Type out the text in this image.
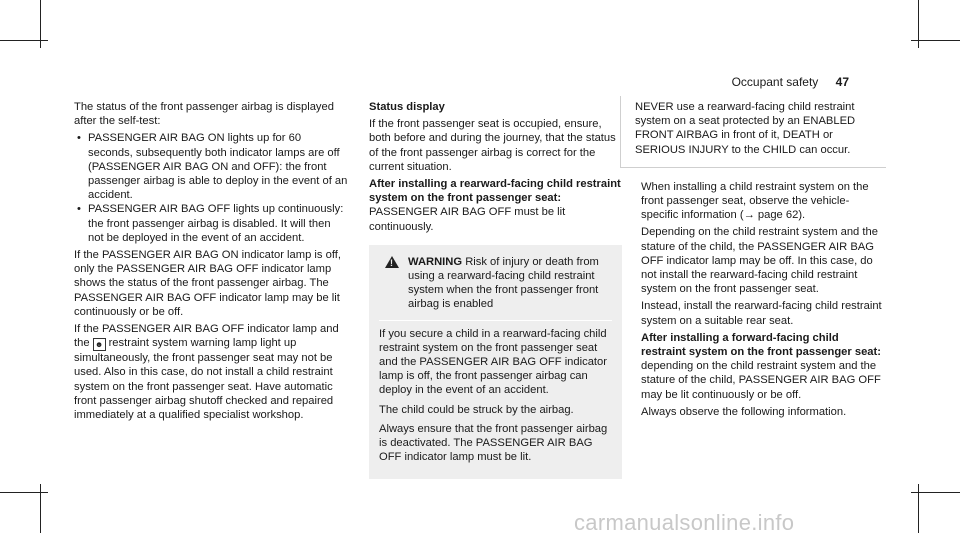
Occupant safety 47

The status of the front passenger airbag is displayed after the self-test:

• PASSENGER AIR BAG ON lights up for 60 seconds, subsequently both indicator lamps are off (PASSENGER AIR BAG ON and OFF): the front passenger airbag is able to deploy in the event of an accident.
• PASSENGER AIR BAG OFF lights up continuously: the front passenger airbag is disabled. It will then not be deployed in the event of an accident.

If the PASSENGER AIR BAG ON indicator lamp is off, only the PASSENGER AIR BAG OFF indicator lamp shows the status of the front passenger airbag. The PASSENGER AIR BAG OFF indicator lamp may be lit continuously or be off.

If the PASSENGER AIR BAG OFF indicator lamp and the ☻ restraint system warning lamp light up simultaneously, the front passenger seat may not be used. Also in this case, do not install a child restraint system on the front passenger seat. Have automatic front passenger airbag shutoff checked and repaired immediately at a qualified specialist workshop.

Status display

If the front passenger seat is occupied, ensure, both before and during the journey, that the status of the front passenger airbag is correct for the current situation.

After installing a rearward-facing child restraint system on the front passenger seat: PASSENGER AIR BAG OFF must be lit continuously.

! WARNING Risk of injury or death from using a rearward-facing child restraint system when the front passenger front airbag is enabled

If you secure a child in a rearward-facing child restraint system on the front passenger seat and the PASSENGER AIR BAG OFF indicator lamp is off, the front passenger airbag can deploy in the event of an accident.

The child could be struck by the airbag.

Always ensure that the front passenger airbag is deactivated. The PASSENGER AIR BAG OFF indicator lamp must be lit.

NEVER use a rearward-facing child restraint system on a seat protected by an ENABLED FRONT AIRBAG in front of it, DEATH or SERIOUS INJURY to the CHILD can occur.

When installing a child restraint system on the front passenger seat, observe the vehicle-specific information (→ page 62).

Depending on the child restraint system and the stature of the child, the PASSENGER AIR BAG OFF indicator lamp may be off. In this case, do not install the rearward-facing child restraint system on the front passenger seat.

Instead, install the rearward-facing child restraint system on a suitable rear seat.

After installing a forward-facing child restraint system on the front passenger seat: depending on the child restraint system and the stature of the child, PASSENGER AIR BAG OFF may be lit continuously or be off.

Always observe the following information.

carmanualsonline.info
